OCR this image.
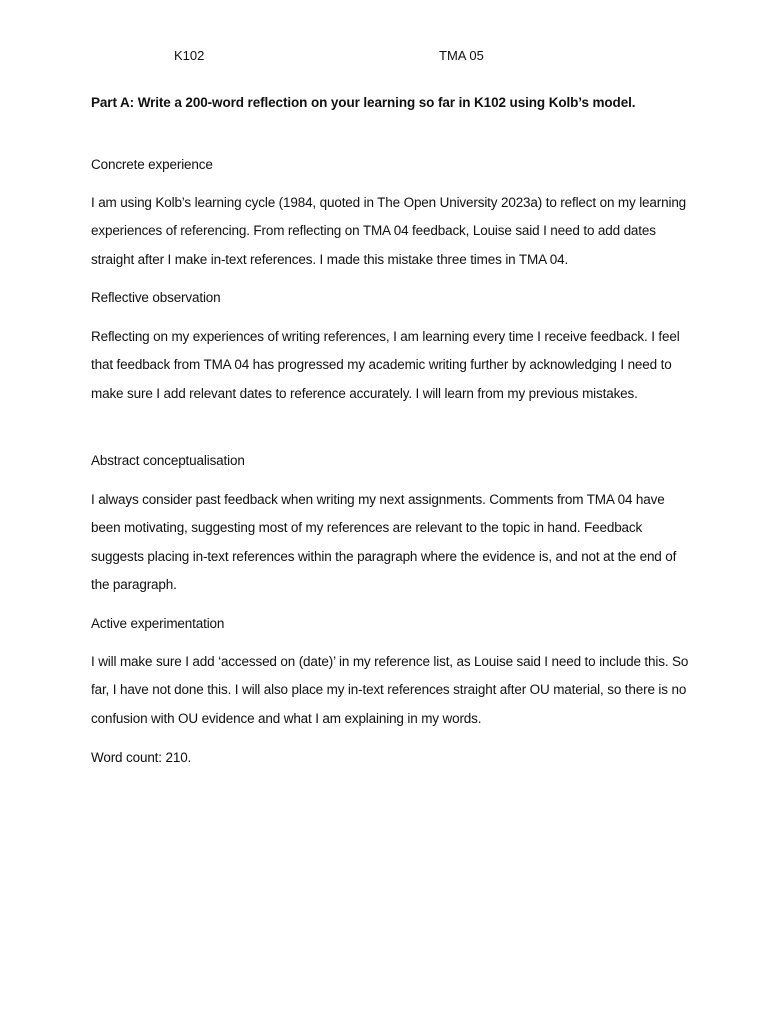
K102	TMA 05
Part A: Write a 200-word reflection on your learning so far in K102 using Kolb’s model.
Concrete experience
I am using Kolb’s learning cycle (1984, quoted in The Open University 2023a) to reflect on my learning experiences of referencing. From reflecting on TMA 04 feedback, Louise said I need to add dates straight after I make in-text references. I made this mistake three times in TMA 04.
Reflective observation
Reflecting on my experiences of writing references, I am learning every time I receive feedback. I feel that feedback from TMA 04 has progressed my academic writing further by acknowledging I need to make sure I add relevant dates to reference accurately. I will learn from my previous mistakes.
Abstract conceptualisation
I always consider past feedback when writing my next assignments. Comments from TMA 04 have been motivating, suggesting most of my references are relevant to the topic in hand. Feedback suggests placing in-text references within the paragraph where the evidence is, and not at the end of the paragraph.
Active experimentation
I will make sure I add ‘accessed on (date)’ in my reference list, as Louise said I need to include this. So far, I have not done this. I will also place my in-text references straight after OU material, so there is no confusion with OU evidence and what I am explaining in my words.
Word count: 210.
